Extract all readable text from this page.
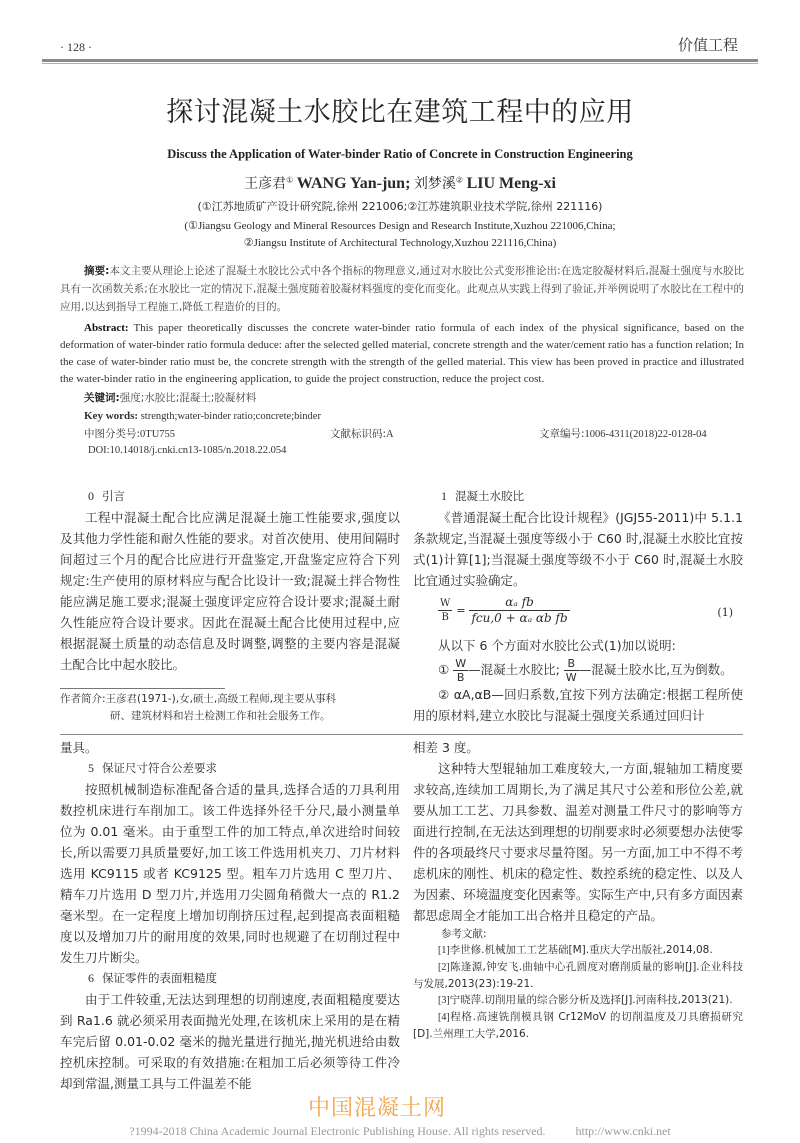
· 128 ·	价值工程
探讨混凝土水胶比在建筑工程中的应用
Discuss the Application of Water-binder Ratio of Concrete in Construction Engineering
王彦君① WANG Yan-jun; 刘梦溪② LIU Meng-xi
(①江苏地质矿产设计研究院,徐州 221006;②江苏建筑职业技术学院,徐州 221116)
(①Jiangsu Geology and Mineral Resources Design and Research Institute,Xuzhou 221006,China;
②Jiangsu Institute of Architectural Technology,Xuzhou 221116,China)

摘要:本文主要从理论上论述了混凝土水胶比公式中各个指标的物理意义,通过对水胶比公式变形推论出:在选定胶凝材料后,混凝土强度与水胶比具有一次函数关系;在水胶比一定的情况下,混凝土强度随着胶凝材料强度的变化而变化。此观点从实践上得到了验证,并举例说明了水胶比在工程中的应用,以达到指导工程施工,降低工程造价的目的。

Abstract: This paper theoretically discusses the concrete water-binder ratio formula of each index of the physical significance, based on the deformation of water-binder ratio formula deduce: after the selected gelled material, concrete strength and the water/cement ratio has a function relation; In the case of water-binder ratio must be, the concrete strength with the strength of the gelled material. This view has been proved in practice and illustrated the water-binder ratio in the engineering application, to guide the project construction, reduce the project cost.

关键词:强度;水胶比;混凝土;胶凝材料
Key words: strength;water-binder ratio;concrete;binder
中图分类号:0TU755	文献标识码:A	文章编号:1006-4311(2018)22-0128-04
DOI:10.14018/j.cnki.cn13-1085/n.2018.22.054

0 引言

工程中混凝土配合比应满足混凝土施工性能要求,强度以及其他力学性能和耐久性能的要求。对首次使用、使用间隔时间超过三个月的配合比应进行开盘鉴定,开盘鉴定应符合下列规定:生产使用的原材料应与配合比设计一致;混凝土拌合物性能应满足施工要求;混凝土强度评定应符合设计要求;混凝土耐久性能应符合设计要求。因此在混凝土配合比使用过程中,应根据混凝土质量的动态信息及时调整,调整的主要内容是混凝土配合比中起水胶比。

作者简介:王彦君(1971-),女,硕士,高级工程师,现主要从事科
研、建筑材料和岩土检测工作和社会服务工作。

1 混凝土水胶比

《普通混凝土配合比设计规程》(JGJ55-2011)中 5.1.1 条款规定,当混凝土强度等级小于 C60 时,混凝土水胶比宜按式(1)计算[1];当混凝土强度等级不小于 C60 时,混凝土水胶比宜通过实验确定。

$\frac{W}{B} = \frac{\text{αₐ fb}}{\text{fcu,0 + αₐ αb fb}}$	(1)

从以下 6 个方面对水胶比公式(1)加以说明:

① $\frac{W}{B}$ —混凝土水胶比; $\frac{B}{W}$ —混凝土胶水比,互为倒数。

② αA,αB—回归系数,宜按下列方法确定:根据工程所使用的原材料,建立水胶比与混凝土强度关系通过回归计

量具。

5 保证尺寸符合公差要求

按照机械制造标准配备合适的量具,选择合适的刀具利用数控机床进行车削加工。该工件选择外径千分尺,最小测量单位为 0.01 毫米。由于重型工件的加工特点,单次进给时间较长,所以需要刀具质量要好,加工该工件选用机夹刀、刀片材料选用 KC9115 或者 KC9125 型。粗车刀片选用 C 型刀片、精车刀片选用 D 型刀片,并选用刀尖圆角稍微大一点的 R1.2 毫米型。在一定程度上增加切削挤压过程,起到提高表面粗糙度以及增加刀片的耐用度的效果,同时也规避了在切削过程中发生刀片断尖。

6 保证零件的表面粗糙度

由于工件较重,无法达到理想的切削速度,表面粗糙度要达到 Ra1.6 就必须采用表面抛光处理,在该机床上采用的是在精车完后留 0.01-0.02 毫米的抛光量进行抛光,抛光机进给由数控机床控制。可采取的有效措施:在粗加工后必须等待工件冷却到常温,测量工具与工件温差不能

相差 3 度。

这种特大型辊轴加工难度较大,一方面,辊轴加工精度要求较高,连续加工周期长,为了满足其尺寸公差和形位公差,就要从加工工艺、刀具参数、温差对测量工件尺寸的影响等方面进行控制,在无法达到理想的切削要求时必须要想办法使零件的各项最终尺寸要求尽量符图。另一方面,加工中不得不考虑机床的刚性、机床的稳定性、数控系统的稳定性、以及人为因素、环境温度变化因素等。实际生产中,只有多方面因素都思虑周全才能加工出合格并且稳定的产品。

参考文献:

[1]李世修.机械加工工艺基础[M].重庆大学出版社,2014,08.

[2]陈逢源,钟安飞.曲轴中心孔圆度对磨削质量的影响[J].企业科技与发展,2013(23):19-21.

[3]宁晓萍.切削用量的综合影分析及选择[J].河南科技,2013(21).

[4]程格.高速铣削模具钢 Cr12MoV 的切削温度及刀具磨损研究[D].兰州理工大学,2016.

中国混凝土网
?1994-2018 China Academic Journal Electronic Publishing House. All rights reserved.	http://www.cnki.net
